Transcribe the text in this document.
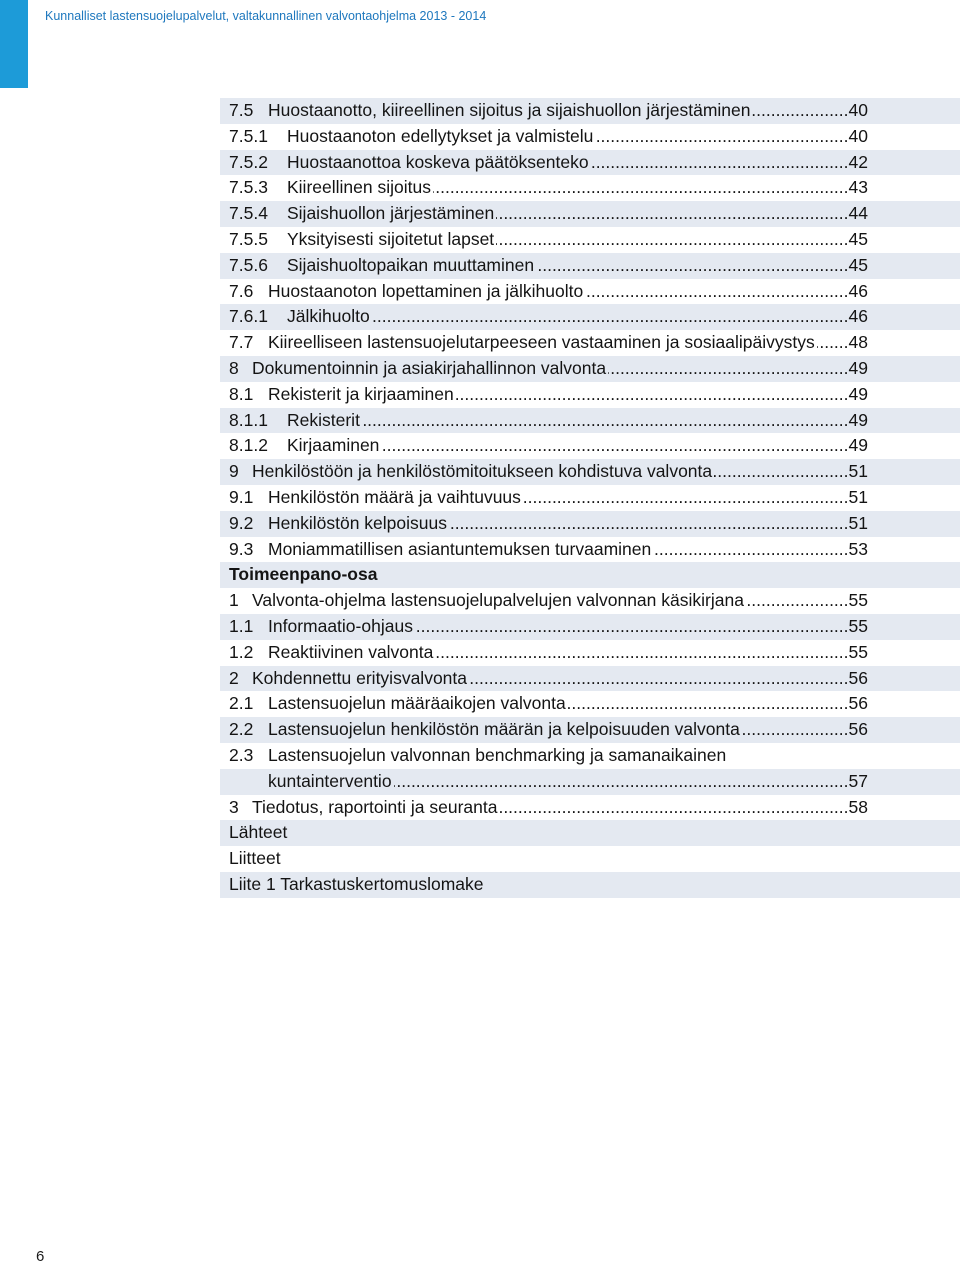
Kunnalliset lastensuojelupalvelut, valtakunnallinen valvontaohjelma 2013 - 2014
7.5 Huostaanotto, kiireellinen sijoitus ja sijaishuollon järjestäminen .....	40
7.5.1	Huostaanoton edellytykset ja valmistelu .....	40
7.5.2	Huostaanottoa koskeva päätöksenteko .....	42
7.5.3	Kiireellinen sijoitus .....	43
7.5.4	Sijaishuollon järjestäminen .....	44
7.5.5	Yksityisesti sijoitetut lapset .....	45
7.5.6	Sijaishuoltopaikan muuttaminen .....	45
7.6 Huostaanoton lopettaminen ja jälkihuolto .....	46
7.6.1	Jälkihuolto .....	46
7.7 Kiireelliseen lastensuojelutarpeeseen vastaaminen ja sosiaalipäivystys ..... 48
8 Dokumentoinnin ja asiakirjahallinnon valvonta .....	49
8.1 Rekisterit ja kirjaaminen .....	49
8.1.1	Rekisterit .....	49
8.1.2	Kirjaaminen .....	49
9 Henkilöstöön ja henkilöstömitoitukseen kohdistuva valvonta .....	51
9.1 Henkilöstön määrä ja vaihtuvuus .....	51
9.2 Henkilöstön kelpoisuus .....	51
9.3 Moniammatillisen asiantuntemuksen turvaaminen .....	53
Toimeenpano-osa
1 Valvonta-ohjelma lastensuojelupalvelujen valvonnan käsikirjana .....	55
1.1 Informaatio-ohjaus .....	55
1.2 Reaktiivinen valvonta .....	55
2 Kohdennettu erityisvalvonta .....	56
2.1 Lastensuojelun määräaikojen valvonta .....	56
2.2 Lastensuojelun henkilöstön määrän ja kelpoisuuden valvonta .....	56
2.3 Lastensuojelun valvonnan benchmarking ja samanaikainen
kuntainterventio .....	57
3 Tiedotus, raportointi ja seuranta .....	58
Lähteet
Liitteet
Liite 1 Tarkastuskertomuslomake
6
